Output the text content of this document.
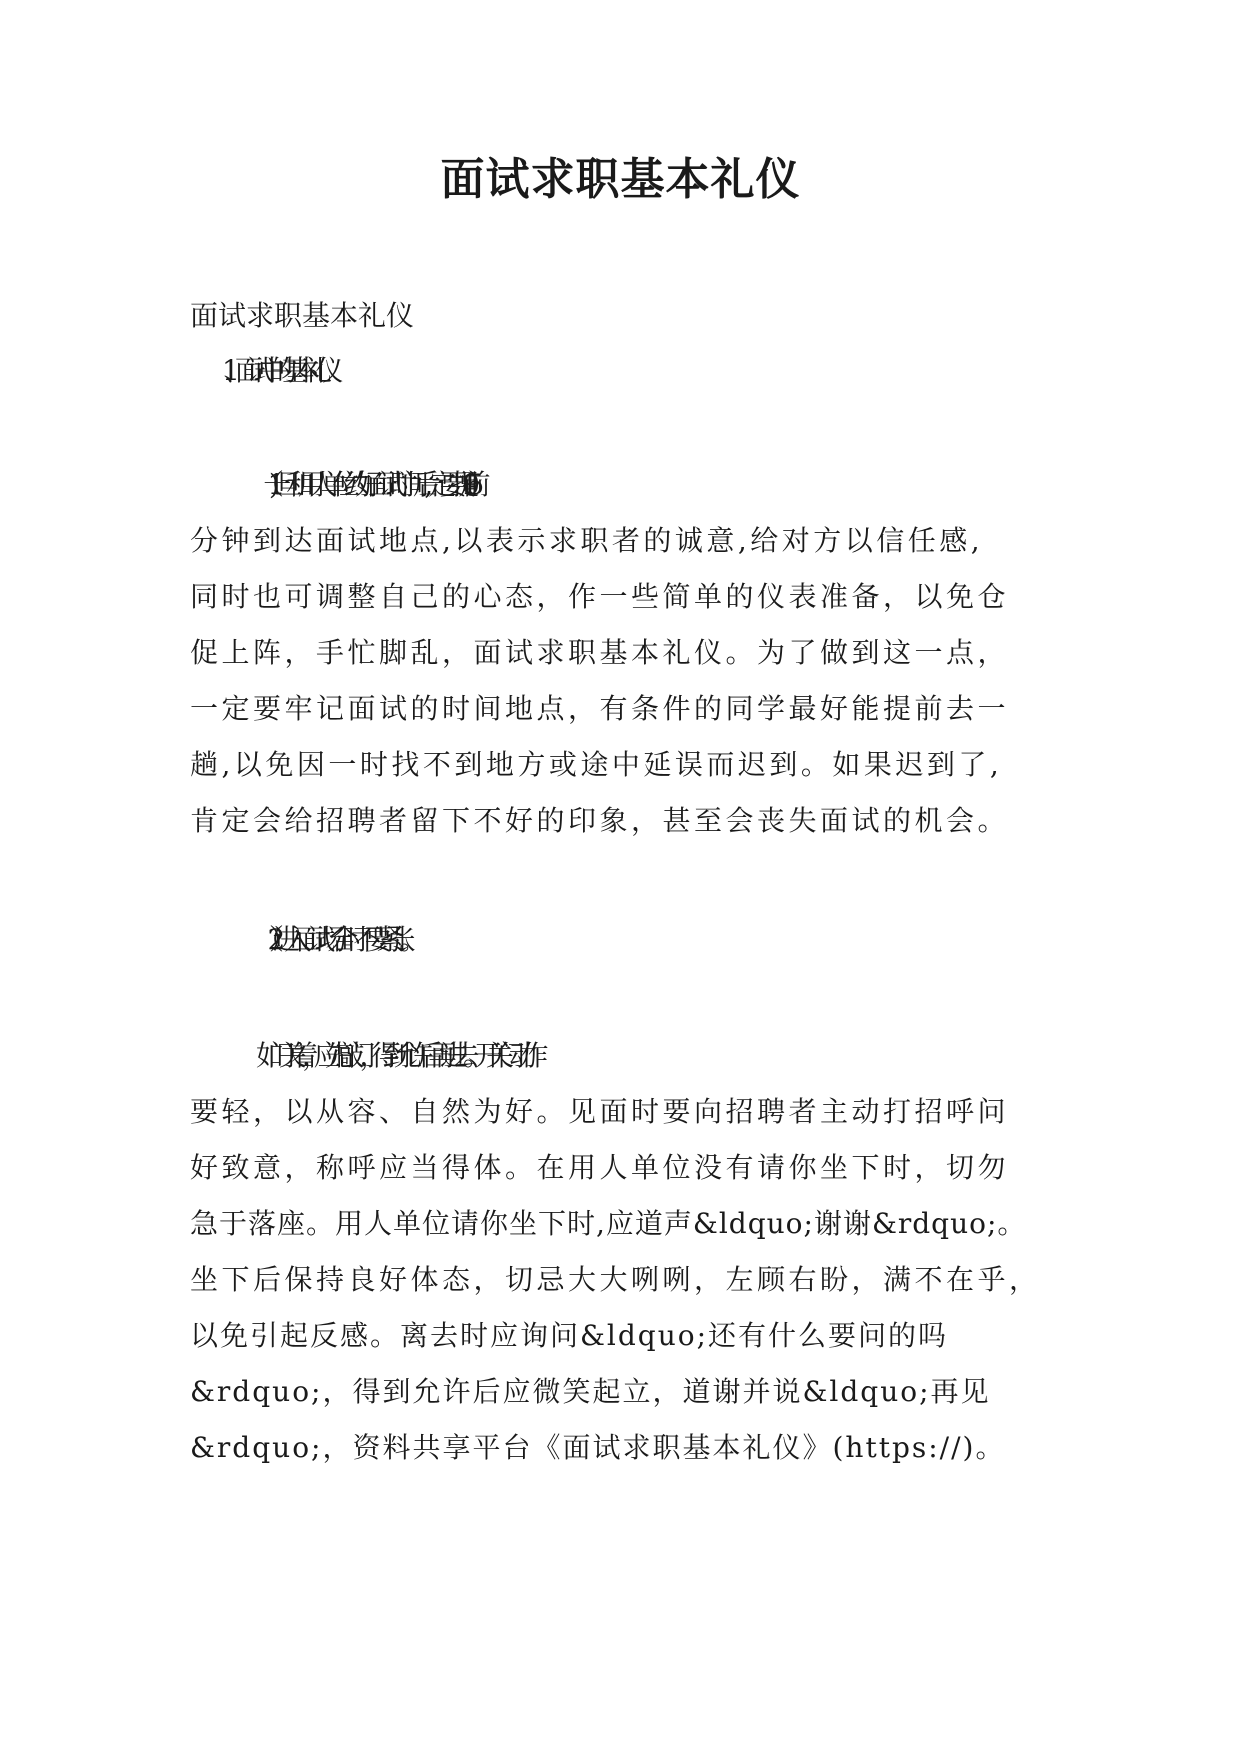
面试求职基本礼仪
面试求职基本礼仪
1、面试中的基本礼仪
（1)一旦和用人单位约好面试时间后,一定要提前 5-10
分钟到达面试地点,以表示求职者的诚意,给对方以信任感,
同时也可调整自己的心态，作一些简单的仪表准备，以免仓
促上阵，手忙脚乱，面试求职基本礼仪。为了做到这一点，
一定要牢记面试的时间地点，有条件的同学最好能提前去一
趟,以免因一时找不到地方或途中延误而迟到。如果迟到了,
肯定会给招聘者留下不好的印象，甚至会丧失面试的机会。
（2） 进入面试场合时不要紧张。
如门关着，应先敲门，得到允许后再进去。开关门动作
要轻，以从容、自然为好。见面时要向招聘者主动打招呼问
好致意，称呼应当得体。在用人单位没有请你坐下时，切勿
急于落座。用人单位请你坐下时,应道声&ldquo;谢谢&rdquo;。
坐下后保持良好体态，切忌大大咧咧，左顾右盼，满不在乎，
以免引起反感。离去时应询问&ldquo;还有什么要问的吗
&rdquo;，得到允许后应微笑起立，道谢并说&ldquo;再见
&rdquo;，资料共享平台《面试求职基本礼仪》(https://)。
